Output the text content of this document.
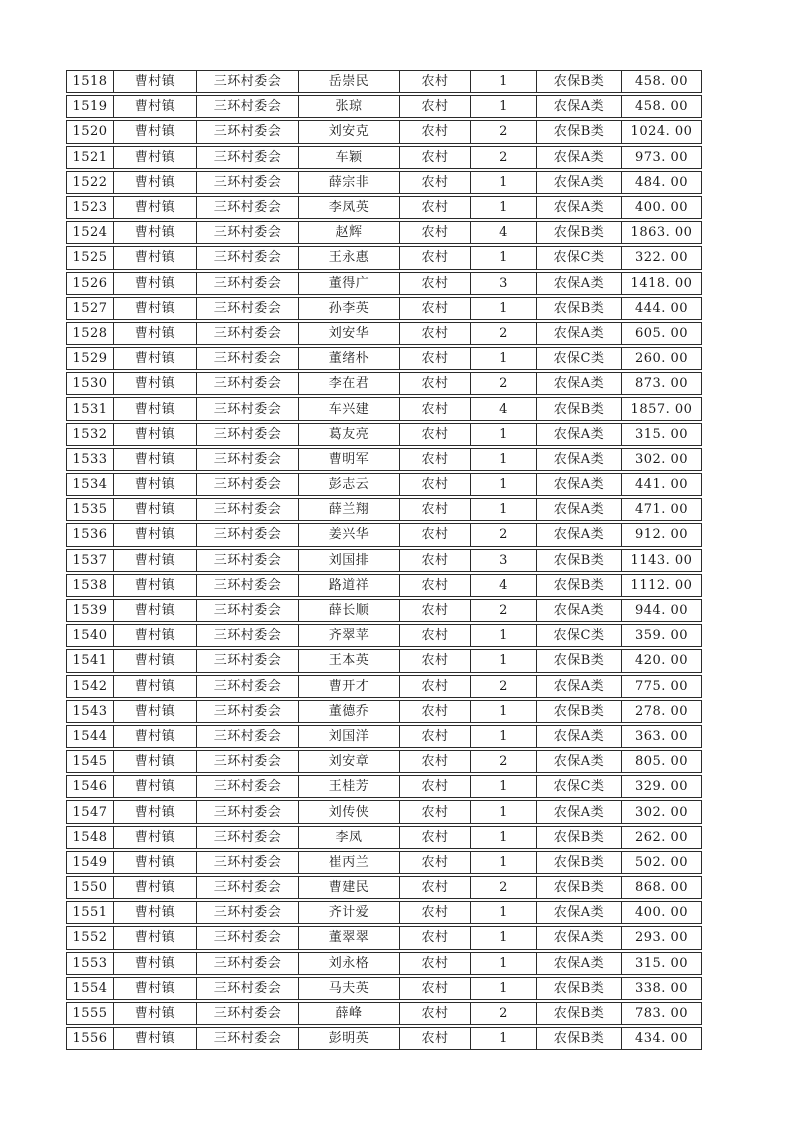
1518	曹村镇	三环村委会	岳崇民	农村	1	农保B类	458. 00
1519	曹村镇	三环村委会	张琼	农村	1	农保A类	458. 00
1520	曹村镇	三环村委会	刘安克	农村	2	农保B类	1024. 00
1521	曹村镇	三环村委会	车颖	农村	2	农保A类	973. 00
1522	曹村镇	三环村委会	薛宗非	农村	1	农保A类	484. 00
1523	曹村镇	三环村委会	李凤英	农村	1	农保A类	400. 00
1524	曹村镇	三环村委会	赵辉	农村	4	农保B类	1863. 00
1525	曹村镇	三环村委会	王永惠	农村	1	农保C类	322. 00
1526	曹村镇	三环村委会	董得广	农村	3	农保A类	1418. 00
1527	曹村镇	三环村委会	孙李英	农村	1	农保B类	444. 00
1528	曹村镇	三环村委会	刘安华	农村	2	农保A类	605. 00
1529	曹村镇	三环村委会	董绪朴	农村	1	农保C类	260. 00
1530	曹村镇	三环村委会	李在君	农村	2	农保A类	873. 00
1531	曹村镇	三环村委会	车兴建	农村	4	农保B类	1857. 00
1532	曹村镇	三环村委会	葛友亮	农村	1	农保A类	315. 00
1533	曹村镇	三环村委会	曹明军	农村	1	农保A类	302. 00
1534	曹村镇	三环村委会	彭志云	农村	1	农保A类	441. 00
1535	曹村镇	三环村委会	薛兰翔	农村	1	农保A类	471. 00
1536	曹村镇	三环村委会	姜兴华	农村	2	农保A类	912. 00
1537	曹村镇	三环村委会	刘国排	农村	3	农保B类	1143. 00
1538	曹村镇	三环村委会	路道祥	农村	4	农保B类	1112. 00
1539	曹村镇	三环村委会	薛长顺	农村	2	农保A类	944. 00
1540	曹村镇	三环村委会	齐翠苹	农村	1	农保C类	359. 00
1541	曹村镇	三环村委会	王本英	农村	1	农保B类	420. 00
1542	曹村镇	三环村委会	曹开才	农村	2	农保A类	775. 00
1543	曹村镇	三环村委会	董德乔	农村	1	农保B类	278. 00
1544	曹村镇	三环村委会	刘国洋	农村	1	农保A类	363. 00
1545	曹村镇	三环村委会	刘安章	农村	2	农保A类	805. 00
1546	曹村镇	三环村委会	王桂芳	农村	1	农保C类	329. 00
1547	曹村镇	三环村委会	刘传侠	农村	1	农保A类	302. 00
1548	曹村镇	三环村委会	李凤	农村	1	农保B类	262. 00
1549	曹村镇	三环村委会	崔丙兰	农村	1	农保B类	502. 00
1550	曹村镇	三环村委会	曹建民	农村	2	农保B类	868. 00
1551	曹村镇	三环村委会	齐计爱	农村	1	农保A类	400. 00
1552	曹村镇	三环村委会	董翠翠	农村	1	农保A类	293. 00
1553	曹村镇	三环村委会	刘永格	农村	1	农保A类	315. 00
1554	曹村镇	三环村委会	马夫英	农村	1	农保B类	338. 00
1555	曹村镇	三环村委会	薛峰	农村	2	农保B类	783. 00
1556	曹村镇	三环村委会	彭明英	农村	1	农保B类	434. 00
